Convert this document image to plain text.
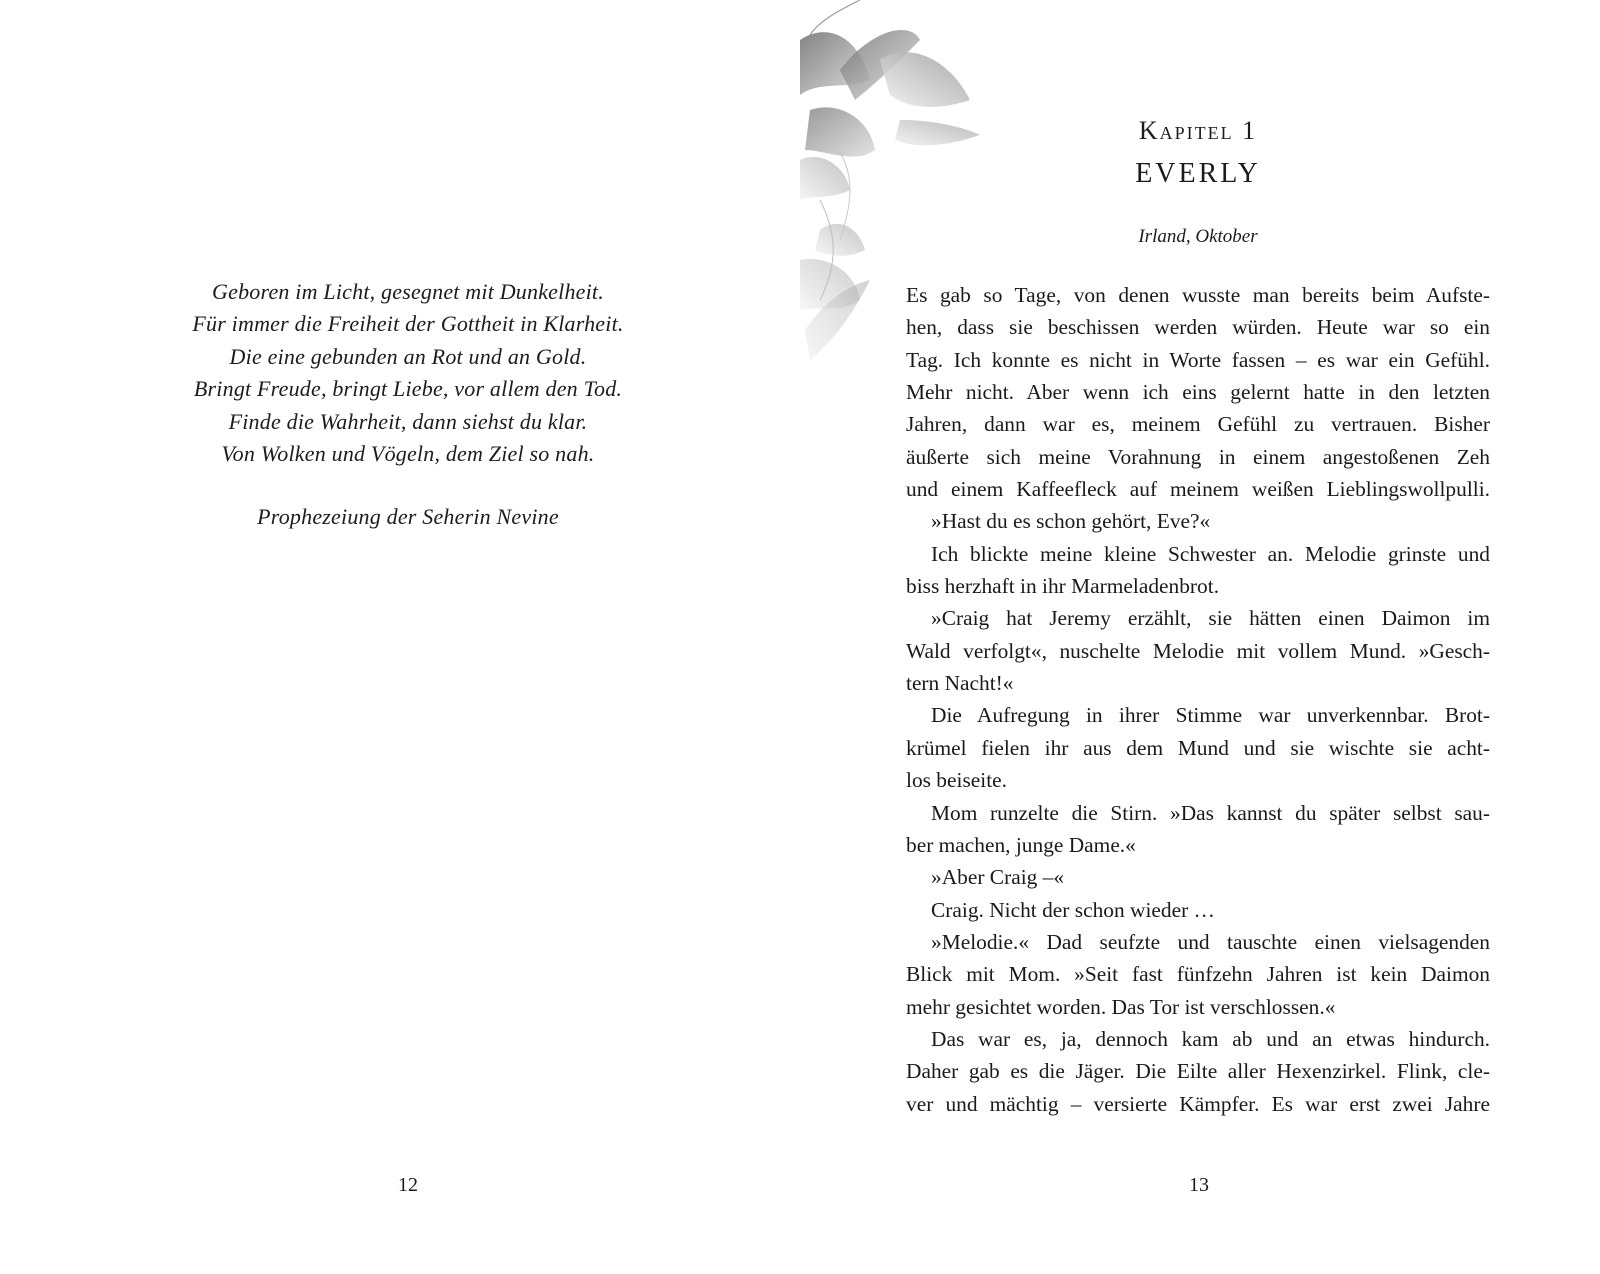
Geboren im Licht, gesegnet mit Dunkelheit.
Für immer die Freiheit der Gottheit in Klarheit.
Die eine gebunden an Rot und an Gold.
Bringt Freude, bringt Liebe, vor allem den Tod.
Finde die Wahrheit, dann siehst du klar.
Von Wolken und Vögeln, dem Ziel so nah.
Prophezeiung der Seherin Nevine
12
Kapitel 1
EVERLY
Irland, Oktober
Es gab so Tage, von denen wusste man bereits beim Aufste-
hen, dass sie beschissen werden würden. Heute war so ein
Tag. Ich konnte es nicht in Worte fassen – es war ein Gefühl.
Mehr nicht. Aber wenn ich eins gelernt hatte in den letzten
Jahren, dann war es, meinem Gefühl zu vertrauen. Bisher
äußerte sich meine Vorahnung in einem angestoßenen Zeh
und einem Kaffeefleck auf meinem weißen Lieblingswollpulli.
»Hast du es schon gehört, Eve?«
Ich blickte meine kleine Schwester an. Melodie grinste und
biss herzhaft in ihr Marmeladenbrot.
»Craig hat Jeremy erzählt, sie hätten einen Daimon im
Wald verfolgt«, nuschelte Melodie mit vollem Mund. »Gesch-
tern Nacht!«
Die Aufregung in ihrer Stimme war unverkennbar. Brot-
krümel fielen ihr aus dem Mund und sie wischte sie acht-
los beiseite.
Mom runzelte die Stirn. »Das kannst du später selbst sau-
ber machen, junge Dame.«
»Aber Craig –«
Craig. Nicht der schon wieder …
»Melodie.« Dad seufzte und tauschte einen vielsagenden
Blick mit Mom. »Seit fast fünfzehn Jahren ist kein Daimon
mehr gesichtet worden. Das Tor ist verschlossen.«
Das war es, ja, dennoch kam ab und an etwas hindurch.
Daher gab es die Jäger. Die Eilte aller Hexenzirkel. Flink, cle-
ver und mächtig – versierte Kämpfer. Es war erst zwei Jahre
13
